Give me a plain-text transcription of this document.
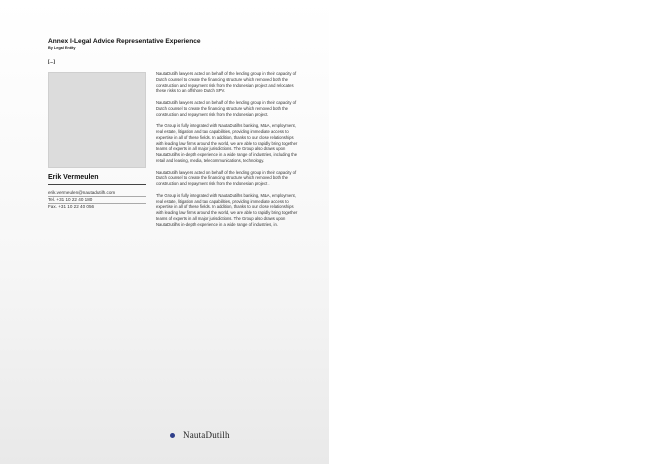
Annex I-Legal Advice Representative Experience
By Legal Entity
[...]
Erik Vermeulen
erik.vermeulen@nautadutilh.com
Tel. +31 10 22 40 180
Fax. +31 10 22 40 056

NautaDutilh lawyers acted on behalf of the lending group in their capacity of Dutch counsel to create the financing structure which removed both the construction and repayment risk from the Indonesian project and relocates these risks to an offshore Dutch SPV.

NautaDutilh lawyers acted on behalf of the lending group in their capacity of Dutch counsel to create the financing structure which removed both the construction and repayment risk from the Indonesian project.

The Group is fully integrated with NautaDutilhs banking, M&A, employment, real estate, litigation and tax capabilities, providing immediate access to expertise in all of these fields. In addition, thanks to our close relationships with leading law firms around the world, we are able to rapidly bring together teams of experts in all major jurisdictions. The Group also draws upon NautaDutilhs in-depth experience in a wide range of industries, including the retail and leasing, media, telecommunications, technology.

NautaDutilh lawyers acted on behalf of the lending group in their capacity of Dutch counsel to create the financing structure which removed both the construction and repayment risk from the Indonesian project .

The Group is fully integrated with NautaDutilhs banking, M&A, employment, real estate, litigation and tax capabilities, providing immediate access to expertise in all of these fields. In addition, thanks to our close relationships with leading law firms around the world, we are able to rapidly bring together teams of experts in all major jurisdictions. The Group also draws upon NautaDutilhs in-depth experience in a wide range of industries, in.

NautaDutilh
